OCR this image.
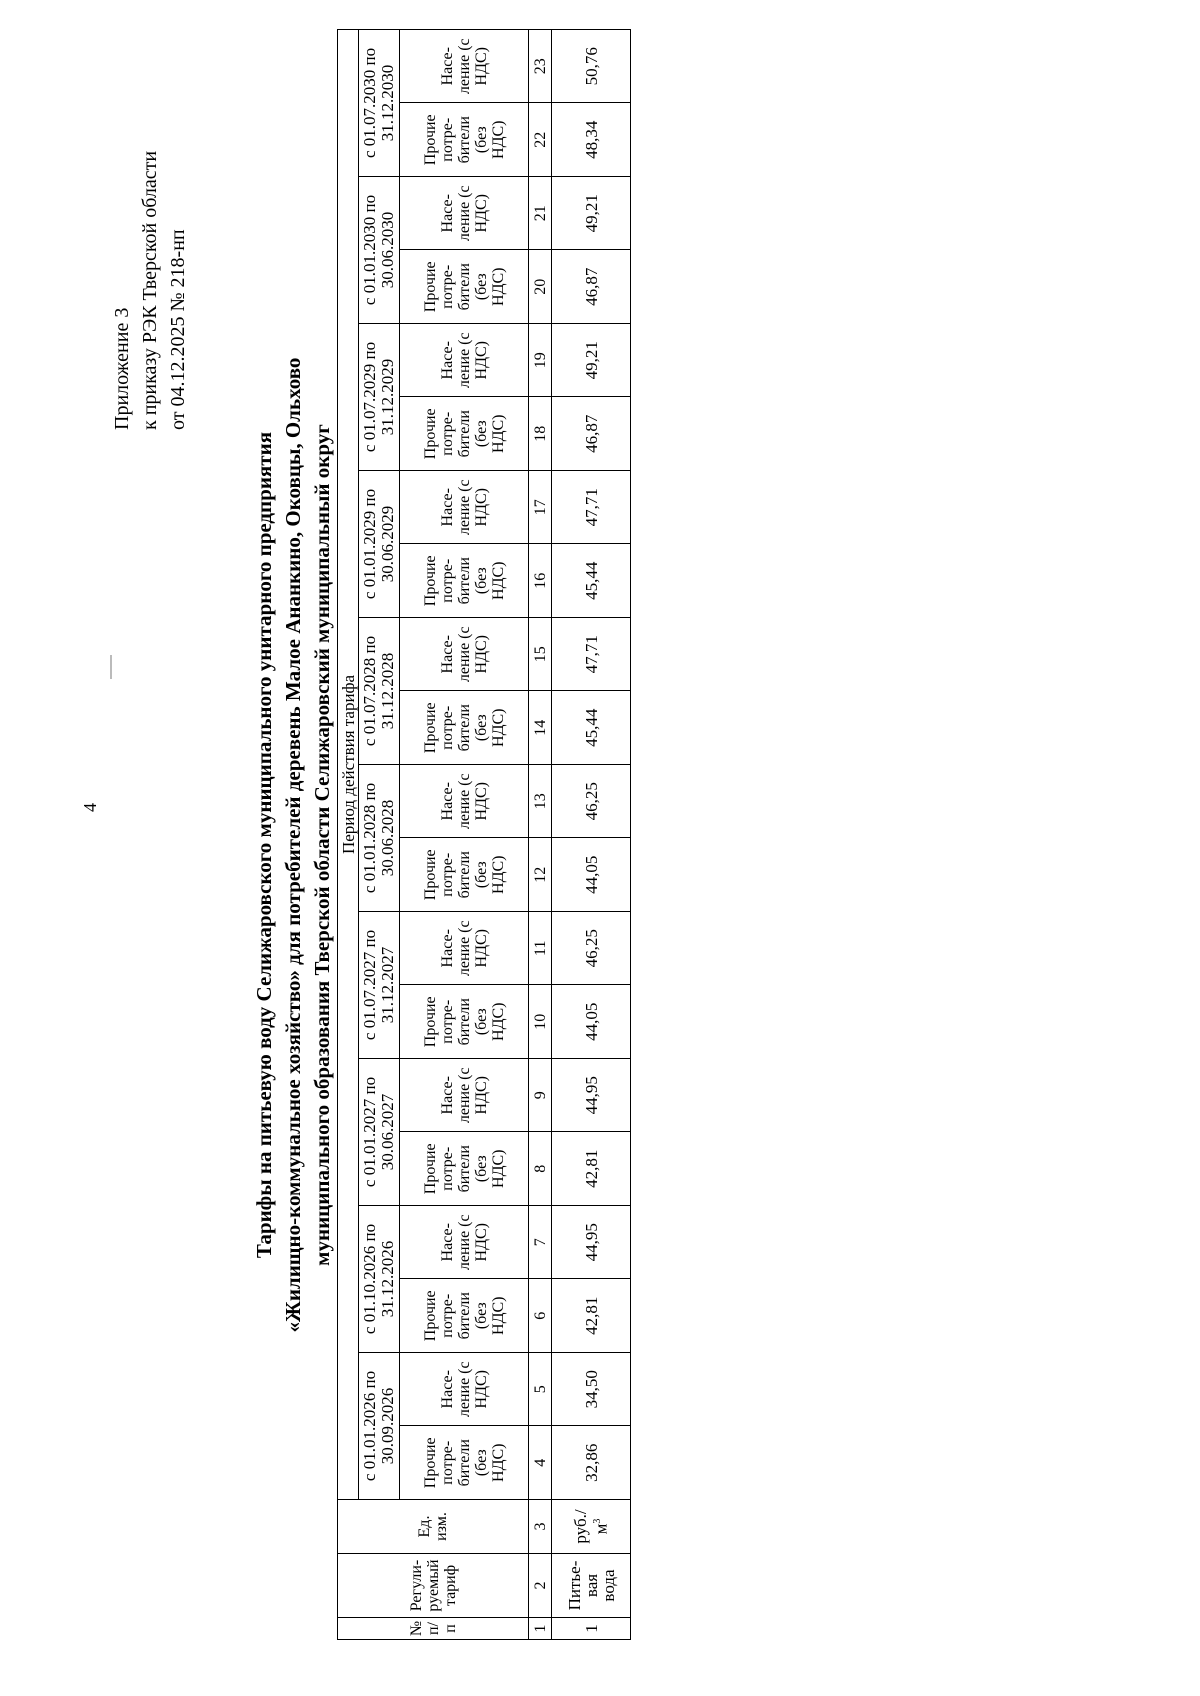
4
Приложение 3 к приказу РЭК Тверской области от 04.12.2025 № 218-нп
Тарифы на питьевую воду Селижаровского муниципального унитарного предприятия «Жилищно-коммунальное хозяйство» для потребителей деревень Малое Ананкино, Оковцы, Ольхово муниципального образования Тверской области Селижаровский муниципальный округ
№ п/ п	Регули-руемый тариф	Ед. изм.	Период действия тарифа																			
			с 01.01.2026 по 30.09.2026		с 01.10.2026 по 31.12.2026		с 01.01.2027 по 30.06.2027		с 01.07.2027 по 31.12.2027		с 01.01.2028 по 30.06.2028		с 01.07.2028 по 31.12.2028		с 01.01.2029 по 30.06.2029		с 01.07.2029 по 31.12.2029		с 01.01.2030 по 30.06.2030		с 01.07.2030 по 31.12.2030	
			Прочие потре-бители (без НДС)	Насе-ление (с НДС)	Прочие потре-бители (без НДС)	Насе-ление (с НДС)	Прочие потре-бители (без НДС)	Насе-ление (с НДС)	Прочие потре-бители (без НДС)	Насе-ление (с НДС)	Прочие потре-бители (без НДС)	Насе-ление (с НДС)	Прочие потре-бители (без НДС)	Насе-ление (с НДС)	Прочие потре-бители (без НДС)	Насе-ление (с НДС)	Прочие потре-бители (без НДС)	Насе-ление (с НДС)	Прочие потре-бители (без НДС)	Насе-ление (с НДС)	Прочие потре-бители (без НДС)	Насе-ление (с НДС)
1	2	3	4	5	6	7	8	9	10	11	12	13	14	15	16	17	18	19	20	21	22	23
1	Питье-вая вода	$руб./м^3$	32,86	34,50	42,81	44,95	42,81	44,95	44,05	46,25	44,05	46,25	45,44	47,71	45,44	47,71	46,87	49,21	46,87	49,21	48,34	50,76
